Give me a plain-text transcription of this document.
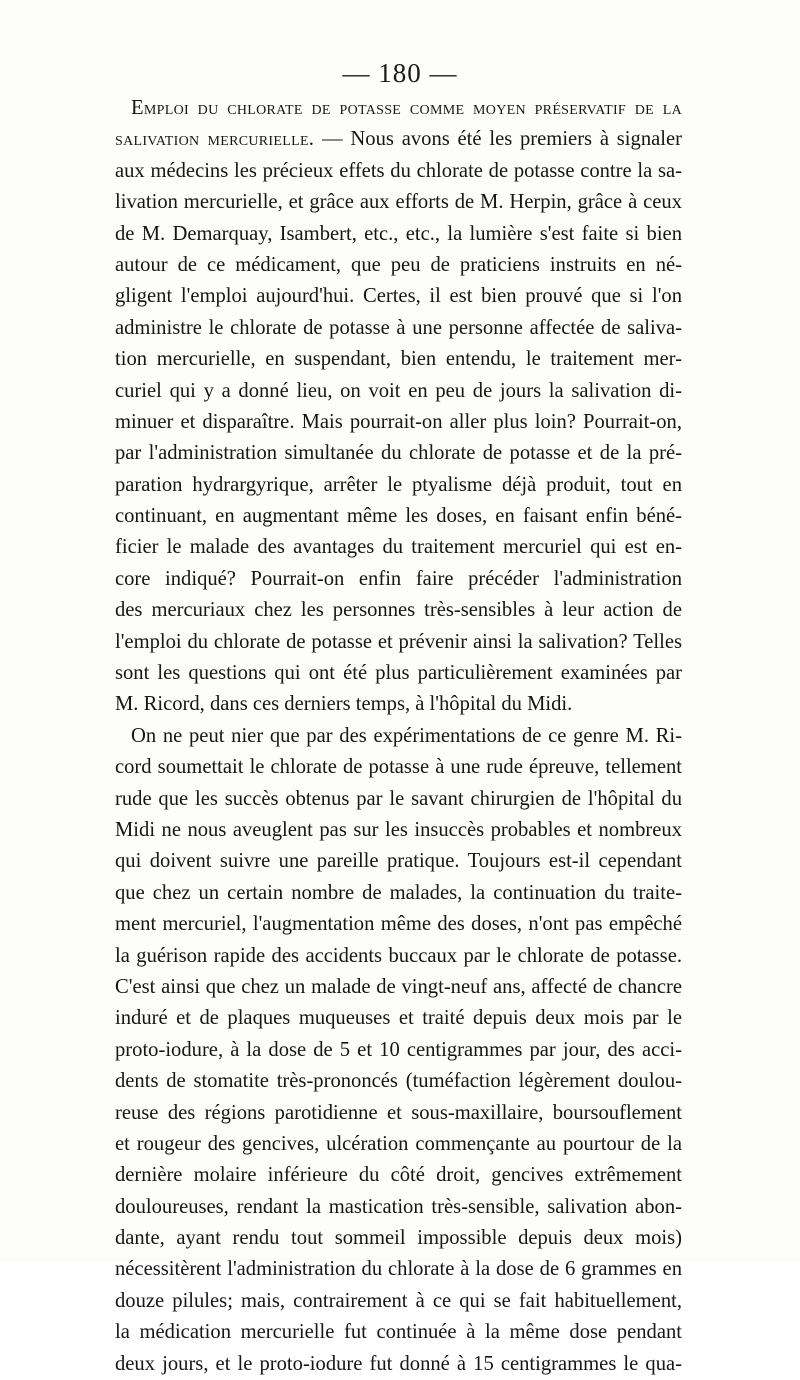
— 180 —
Emploi du chlorate de potasse comme moyen préservatif de la
salivation mercurielle. — Nous avons été les premiers à signaler
aux médecins les précieux effets du chlorate de potasse contre la sa-
livation mercurielle, et grâce aux efforts de M. Herpin, grâce à ceux
de M. Demarquay, Isambert, etc., etc., la lumière s'est faite si bien
autour de ce médicament, que peu de praticiens instruits en né-
gligent l'emploi aujourd'hui. Certes, il est bien prouvé que si l'on
administre le chlorate de potasse à une personne affectée de saliva-
tion mercurielle, en suspendant, bien entendu, le traitement mer-
curiel qui y a donné lieu, on voit en peu de jours la salivation di-
minuer et disparaître. Mais pourrait-on aller plus loin? Pourrait-on,
par l'administration simultanée du chlorate de potasse et de la pré-
paration hydrargyrique, arrêter le ptyalisme déjà produit, tout en
continuant, en augmentant même les doses, en faisant enfin béné-
ficier le malade des avantages du traitement mercuriel qui est en-
core indiqué? Pourrait-on enfin faire précéder l'administration
des mercuriaux chez les personnes très-sensibles à leur action de
l'emploi du chlorate de potasse et prévenir ainsi la salivation? Telles
sont les questions qui ont été plus particulièrement examinées par
M. Ricord, dans ces derniers temps, à l'hôpital du Midi.
On ne peut nier que par des expérimentations de ce genre M. Ri-
cord soumettait le chlorate de potasse à une rude épreuve, tellement
rude que les succès obtenus par le savant chirurgien de l'hôpital du
Midi ne nous aveuglent pas sur les insuccès probables et nombreux
qui doivent suivre une pareille pratique. Toujours est-il cependant
que chez un certain nombre de malades, la continuation du traite-
ment mercuriel, l'augmentation même des doses, n'ont pas empêché
la guérison rapide des accidents buccaux par le chlorate de potasse.
C'est ainsi que chez un malade de vingt-neuf ans, affecté de chancre
induré et de plaques muqueuses et traité depuis deux mois par le
proto-iodure, à la dose de 5 et 10 centigrammes par jour, des acci-
dents de stomatite très-prononcés (tuméfaction légèrement doulou-
reuse des régions parotidienne et sous-maxillaire, boursouflement
et rougeur des gencives, ulcération commençante au pourtour de la
dernière molaire inférieure du côté droit, gencives extrêmement
douloureuses, rendant la mastication très-sensible, salivation abon-
dante, ayant rendu tout sommeil impossible depuis deux mois)
nécessitèrent l'administration du chlorate à la dose de 6 grammes en
douze pilules; mais, contrairement à ce qui se fait habituellement,
la médication mercurielle fut continuée à la même dose pendant
deux jours, et le proto-iodure fut donné à 15 centigrammes le qua-
